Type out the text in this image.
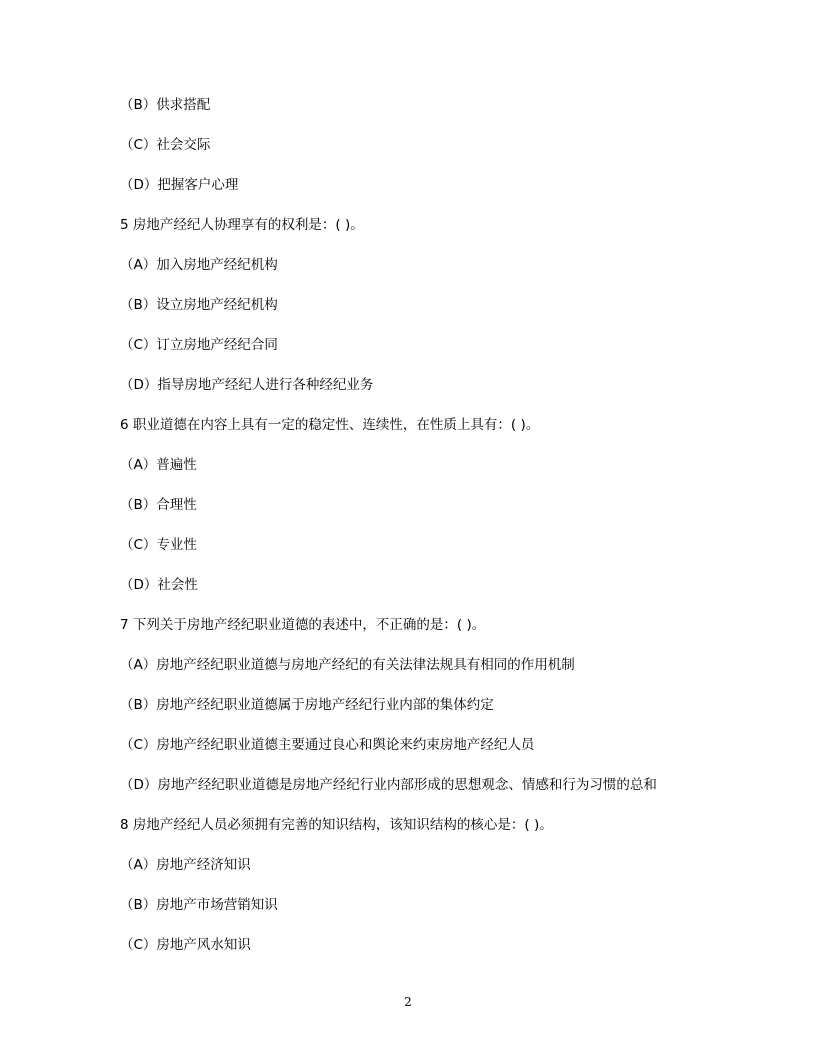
（B）供求搭配
（C）社会交际
（D）把握客户心理
5 房地产经纪人协理享有的权利是：( )。
（A）加入房地产经纪机构
（B）设立房地产经纪机构
（C）订立房地产经纪合同
（D）指导房地产经纪人进行各种经纪业务
6 职业道德在内容上具有一定的稳定性、连续性，在性质上具有：( )。
（A）普遍性
（B）合理性
（C）专业性
（D）社会性
7 下列关于房地产经纪职业道德的表述中，不正确的是：( )。
（A）房地产经纪职业道德与房地产经纪的有关法律法规具有相同的作用机制
（B）房地产经纪职业道德属于房地产经纪行业内部的集体约定
（C）房地产经纪职业道德主要通过良心和舆论来约束房地产经纪人员
（D）房地产经纪职业道德是房地产经纪行业内部形成的思想观念、情感和行为习惯的总和
8 房地产经纪人员必须拥有完善的知识结构，该知识结构的核心是：( )。
（A）房地产经济知识
（B）房地产市场营销知识
（C）房地产风水知识
2
